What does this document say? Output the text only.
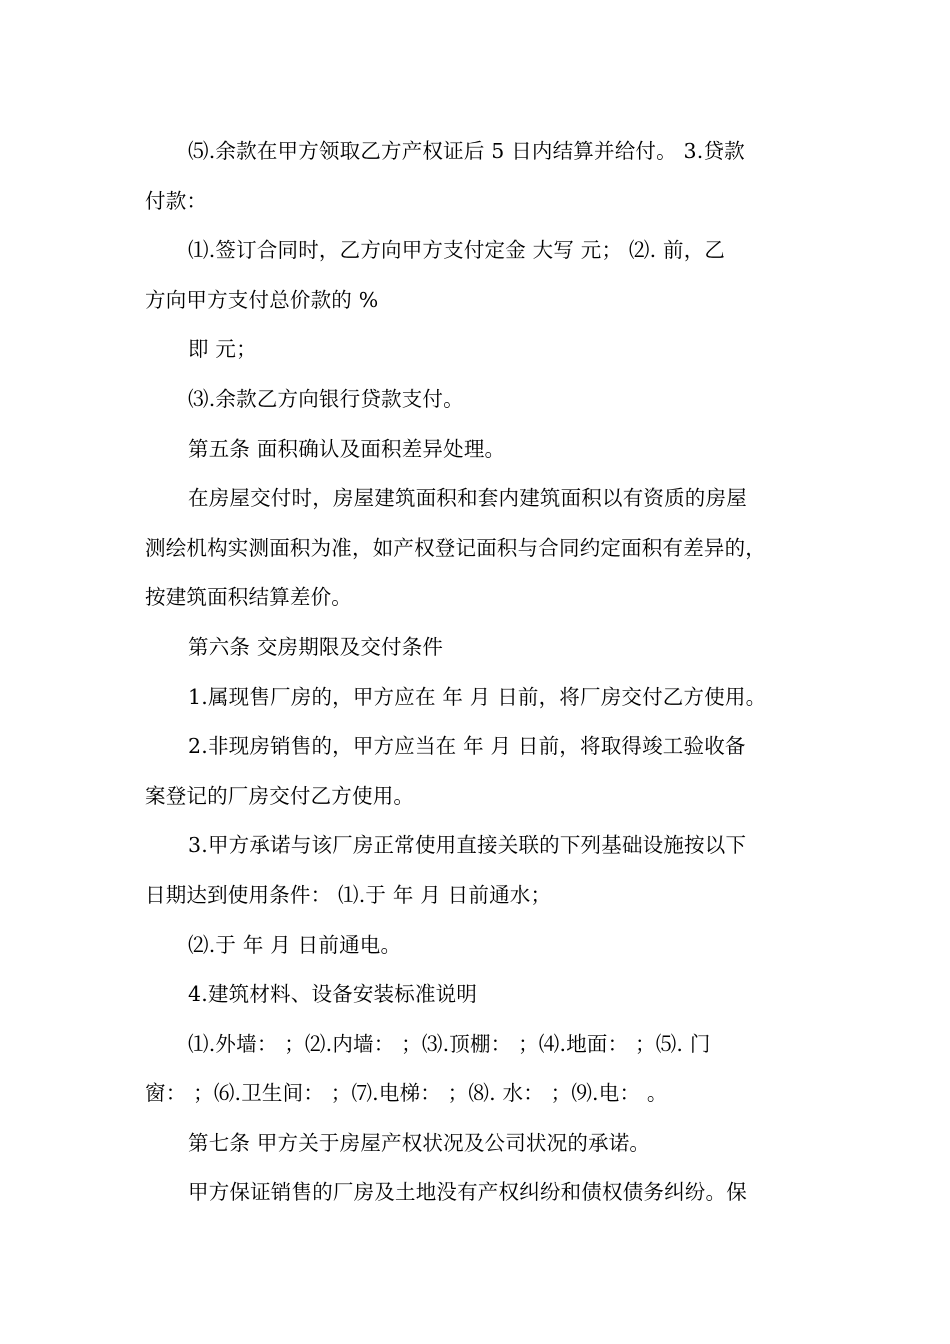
⑸.余款在甲方领取乙方产权证后 5 日内结算并给付。 3.贷款
付款：
⑴.签订合同时，乙方向甲方支付定金 大写 元； ⑵. 前，乙
方向甲方支付总价款的 %
即 元；
⑶.余款乙方向银行贷款支付。
第五条 面积确认及面积差异处理。
在房屋交付时，房屋建筑面积和套内建筑面积以有资质的房屋
测绘机构实测面积为准，如产权登记面积与合同约定面积有差异的，
按建筑面积结算差价。
第六条 交房期限及交付条件
1.属现售厂房的，甲方应在 年 月 日前，将厂房交付乙方使用。
2.非现房销售的，甲方应当在 年 月 日前，将取得竣工验收备
案登记的厂房交付乙方使用。
3.甲方承诺与该厂房正常使用直接关联的下列基础设施按以下
日期达到使用条件： ⑴.于 年 月 日前通水；
⑵.于 年 月 日前通电。
4.建筑材料、设备安装标准说明
⑴.外墙： ；⑵.内墙： ；⑶.顶棚： ；⑷.地面： ；⑸. 门
窗： ；⑹.卫生间： ；⑺.电梯： ；⑻. 水： ；⑼.电： 。
第七条 甲方关于房屋产权状况及公司状况的承诺。
甲方保证销售的厂房及土地没有产权纠纷和债权债务纠纷。保
